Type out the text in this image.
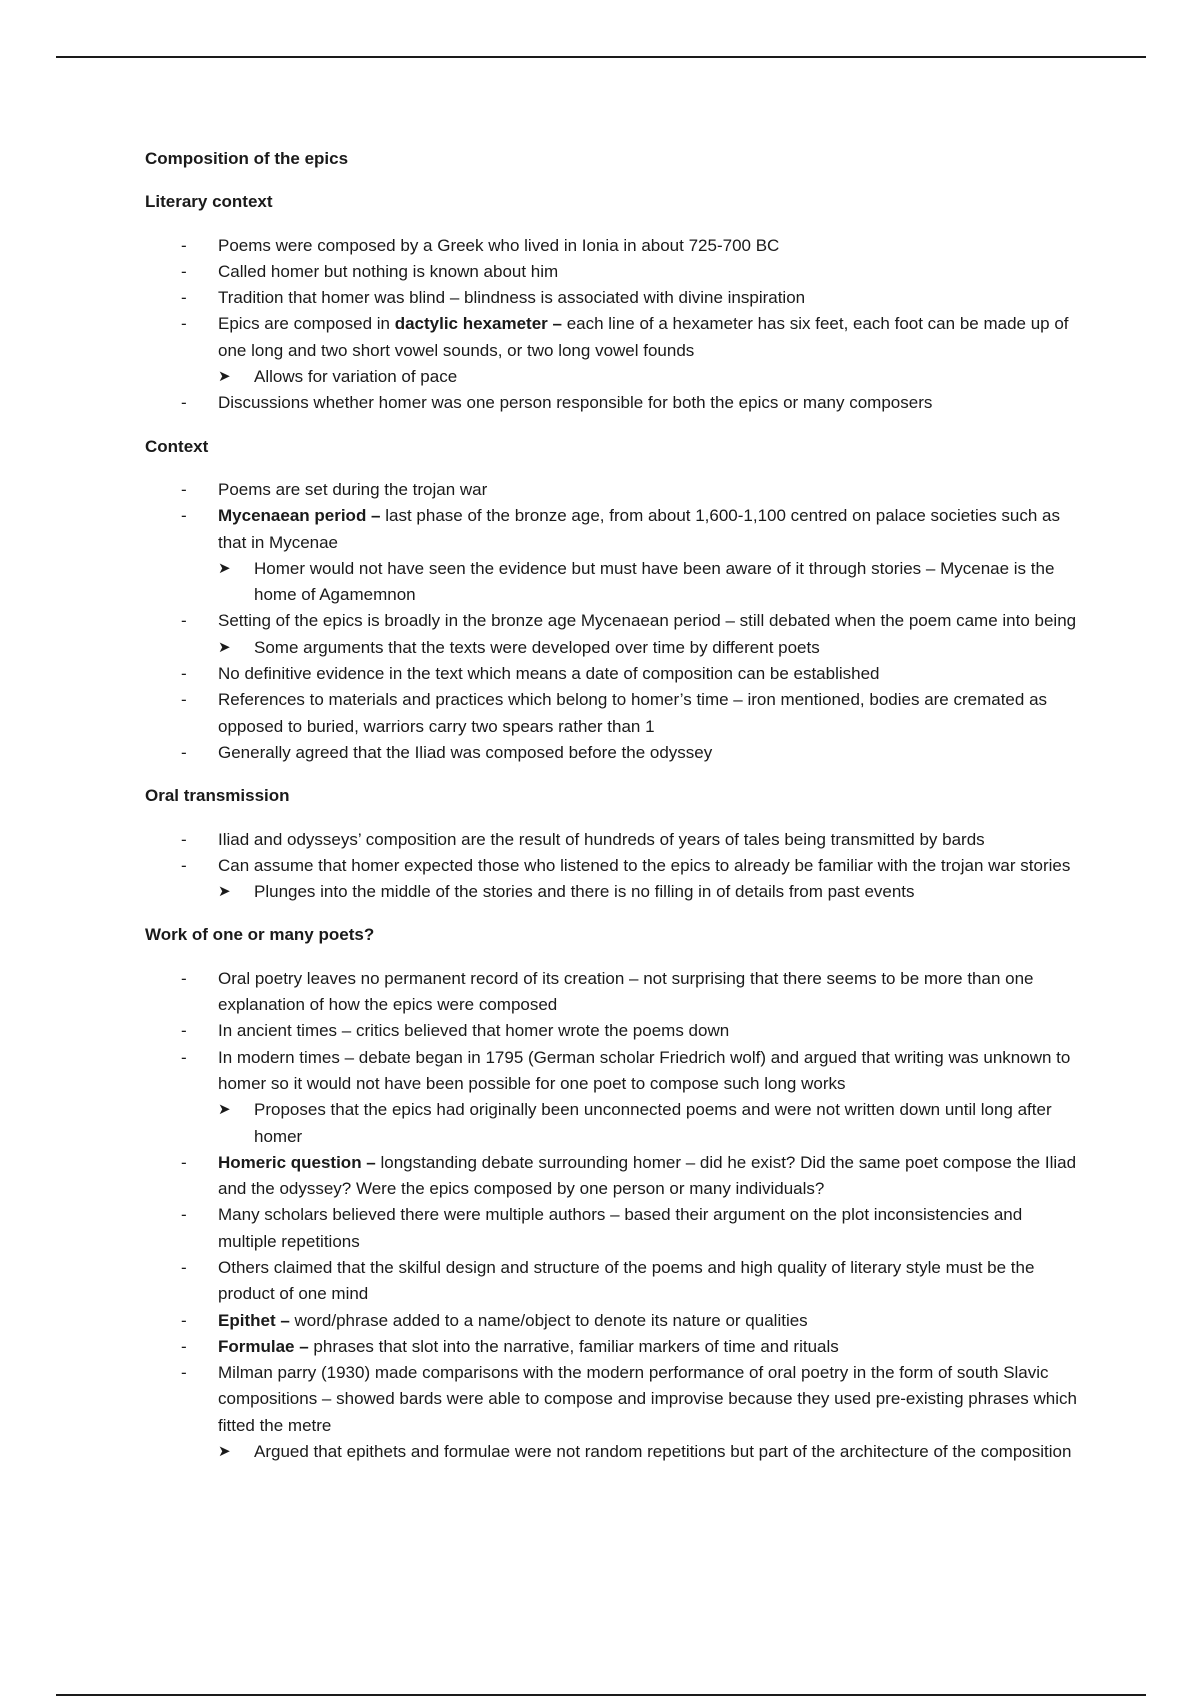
Composition of the epics

Literary context

- Poems were composed by a Greek who lived in Ionia in about 725-700 BC
- Called homer but nothing is known about him
- Tradition that homer was blind – blindness is associated with divine inspiration
- Epics are composed in dactylic hexameter – each line of a hexameter has six feet, each foot can be made up of one long and two short vowel sounds, or two long vowel founds
➤ Allows for variation of pace
- Discussions whether homer was one person responsible for both the epics or many composers

Context

- Poems are set during the trojan war
- Mycenaean period – last phase of the bronze age, from about 1,600-1,100 centred on palace societies such as that in Mycenae
➤ Homer would not have seen the evidence but must have been aware of it through stories – Mycenae is the home of Agamemnon
- Setting of the epics is broadly in the bronze age Mycenaean period – still debated when the poem came into being
➤ Some arguments that the texts were developed over time by different poets
- No definitive evidence in the text which means a date of composition can be established
- References to materials and practices which belong to homer’s time – iron mentioned, bodies are cremated as opposed to buried, warriors carry two spears rather than 1
- Generally agreed that the Iliad was composed before the odyssey

Oral transmission

- Iliad and odysseys’ composition are the result of hundreds of years of tales being transmitted by bards
- Can assume that homer expected those who listened to the epics to already be familiar with the trojan war stories
➤ Plunges into the middle of the stories and there is no filling in of details from past events

Work of one or many poets?

- Oral poetry leaves no permanent record of its creation – not surprising that there seems to be more than one explanation of how the epics were composed
- In ancient times – critics believed that homer wrote the poems down
- In modern times – debate began in 1795 (German scholar Friedrich wolf) and argued that writing was unknown to homer so it would not have been possible for one poet to compose such long works
➤ Proposes that the epics had originally been unconnected poems and were not written down until long after homer
- Homeric question – longstanding debate surrounding homer – did he exist? Did the same poet compose the Iliad and the odyssey? Were the epics composed by one person or many individuals?
- Many scholars believed there were multiple authors – based their argument on the plot inconsistencies and multiple repetitions
- Others claimed that the skilful design and structure of the poems and high quality of literary style must be the product of one mind
- Epithet – word/phrase added to a name/object to denote its nature or qualities
- Formulae – phrases that slot into the narrative, familiar markers of time and rituals
- Milman parry (1930) made comparisons with the modern performance of oral poetry in the form of south Slavic compositions – showed bards were able to compose and improvise because they used pre-existing phrases which fitted the metre
➤ Argued that epithets and formulae were not random repetitions but part of the architecture of the composition
